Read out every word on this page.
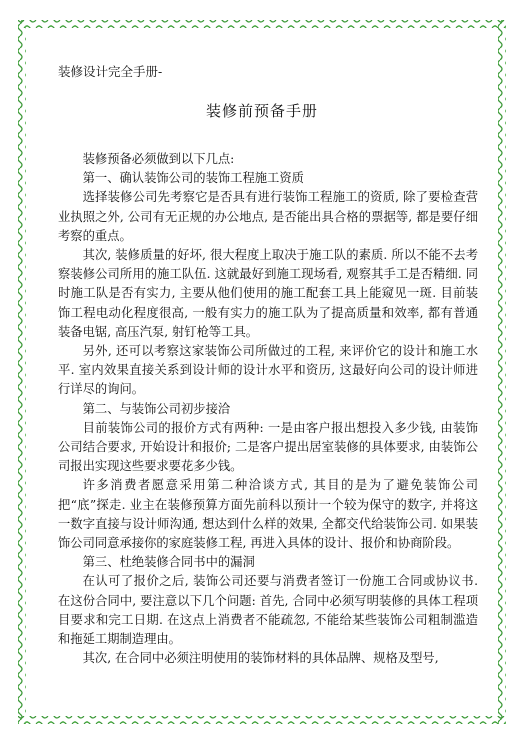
装修设计完全手册-
装修前预备手册

装修预备必须做到以下几点:

第一、确认装饰公司的装饰工程施工资质

选择装修公司先考察它是否具有进行装饰工程施工的资质, 除了要检查营业执照之外, 公司有无正规的办公地点, 是否能出具合格的票据等, 都是要仔细考察的重点。

其次, 装修质量的好坏, 很大程度上取决于施工队的素质. 所以不能不去考察装修公司所用的施工队伍. 这就最好到施工现场看, 观察其手工是否精细. 同时施工队是否有实力, 主要从他们使用的施工配套工具上能窥见一斑. 目前装饰工程电动化程度很高, 一般有实力的施工队为了提高质量和效率, 都有普通装备电锯, 高压汽泵, 射钉枪等工具。

另外, 还可以考察这家装饰公司所做过的工程, 来评价它的设计和施工水平. 室内效果直接关系到设计师的设计水平和资历, 这最好向公司的设计师进行详尽的询问。

第二、与装饰公司初步接洽

目前装饰公司的报价方式有两种: 一是由客户报出想投入多少钱, 由装饰公司结合要求, 开始设计和报价; 二是客户提出居室装修的具体要求, 由装饰公司报出实现这些要求要花多少钱。

许多消费者愿意采用第二种洽谈方式, 其目的是为了避免装饰公司把“底”探走. 业主在装修预算方面先前科以预计一个较为保守的数字, 并将这一数字直接与设计师沟通, 想达到什么样的效果, 全都交代给装饰公司. 如果装饰公司同意承接你的家庭装修工程, 再进入具体的设计、报价和协商阶段。

第三、杜绝装修合同书中的漏洞

在认可了报价之后, 装饰公司还要与消费者签订一份施工合同或协议书. 在这份合同中, 要注意以下几个问题: 首先, 合同中必须写明装修的具体工程项目要求和完工日期. 在这点上消费者不能疏忽, 不能给某些装饰公司粗制滥造和拖延工期制造理由。

其次, 在合同中必须注明使用的装饰材料的具体品牌、规格及型号,
